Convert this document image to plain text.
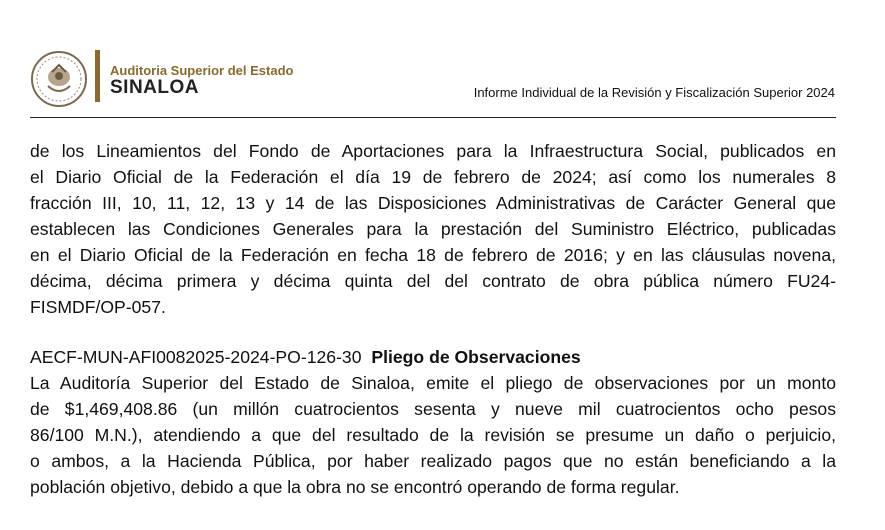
Auditoria Superior del Estado
SINALOA	Informe Individual de la Revisión y Fiscalización Superior 2024
de los Lineamientos del Fondo de Aportaciones para la Infraestructura Social, publicados en
el Diario Oficial de la Federación el día 19 de febrero de 2024; así como los numerales 8
fracción III, 10, 11, 12, 13 y 14 de las Disposiciones Administrativas de Carácter General que
establecen las Condiciones Generales para la prestación del Suministro Eléctrico, publicadas
en el Diario Oficial de la Federación en fecha 18 de febrero de 2016; y en las cláusulas novena,
décima, décima primera y décima quinta del del contrato de obra pública número FU24-
FISMDF/OP-057.
AECF-MUN-AFI0082025-2024-PO-126-30 Pliego de Observaciones
La Auditoría Superior del Estado de Sinaloa, emite el pliego de observaciones por un monto
de $1,469,408.86 (un millón cuatrocientos sesenta y nueve mil cuatrocientos ocho pesos
86/100 M.N.), atendiendo a que del resultado de la revisión se presume un daño o perjuicio,
o ambos, a la Hacienda Pública, por haber realizado pagos que no están beneficiando a la
población objetivo, debido a que la obra no se encontró operando de forma regular.
